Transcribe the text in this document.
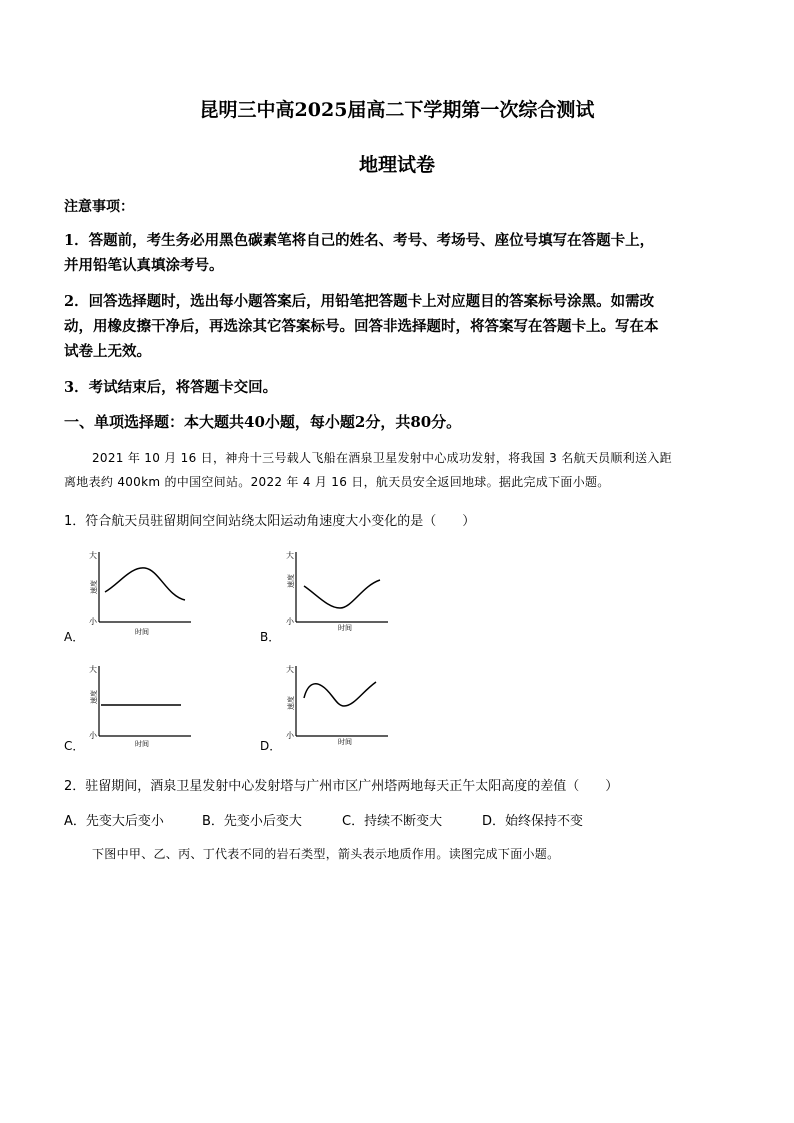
昆明三中高2025届高二下学期第一次综合测试
地理试卷
注意事项：
1．答题前，考生务必用黑色碳素笔将自己的姓名、考号、考场号、座位号填写在答题卡上，
并用铅笔认真填涂考号。
2．回答选择题时，选出每小题答案后，用铅笔把答题卡上对应题目的答案标号涂黑。如需改
动，用橡皮擦干净后，再选涂其它答案标号。回答非选择题时，将答案写在答题卡上。写在本
试卷上无效。
3．考试结束后，将答题卡交回。
一、单项选择题：本大题共40小题，每小题2分，共80分。
2021 年 10 月 16 日，神舟十三号载人飞船在酒泉卫星发射中心成功发射，将我国 3 名航天员顺利送入距
离地表约 400km 的中国空间站。2022 年 4 月 16 日，航天员安全返回地球。据此完成下面小题。
1．符合航天员驻留期间空间站绕太阳运动角速度大小变化的是（　　）
大
小
速度
时间
A．
大
小
速度
时间
B．
大
小
速度
时间
C．
大
小
速度
时间
D．
2．驻留期间，酒泉卫星发射中心发射塔与广州市区广州塔两地每天正午太阳高度的差值（　　）
A．先变大后变小	B．先变小后变大	C．持续不断变大	D．始终保持不变
下图中甲、乙、丙、丁代表不同的岩石类型，箭头表示地质作用。读图完成下面小题。
